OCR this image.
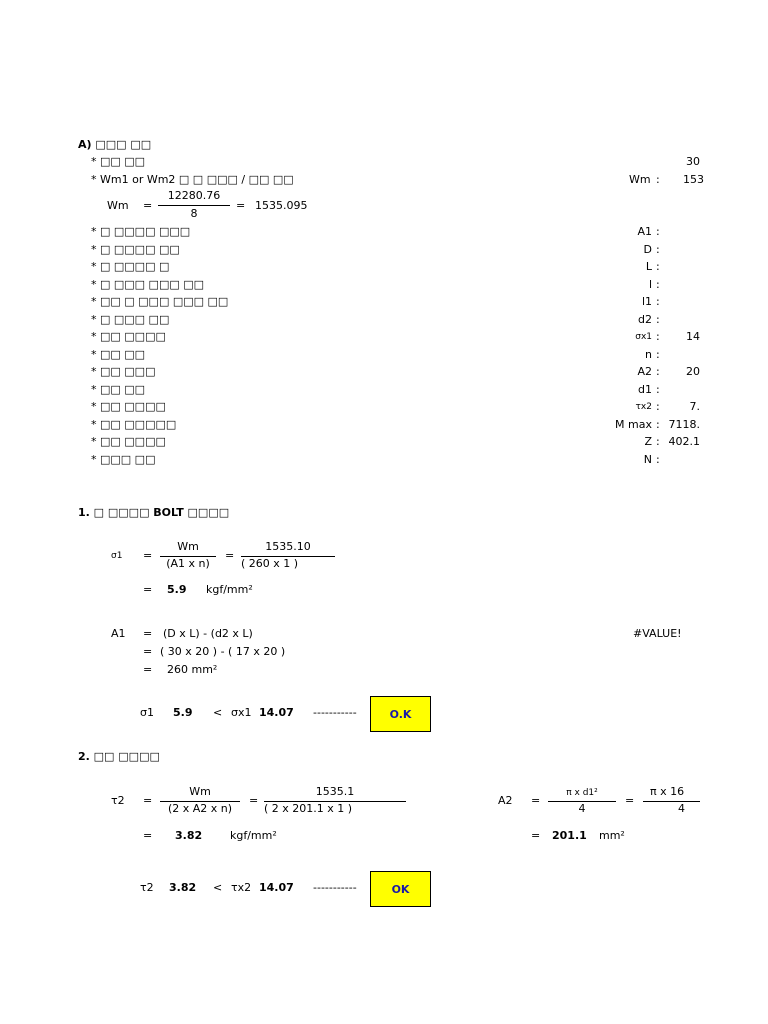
A) □□□ □□
* □□ □□	30
* Wm1 or Wm2 □ □ □□□ / □□ □□	Wm : 153
Wm =
12280.76
8
= 1535.095
* □ □□□□ □□□	A1 :
* □ □□□□ □□	D :
* □ □□□□ □	L :
* □ □□□ □□□ □□	l :
* □□ □ □□□ □□□ □□	l1 :
* □ □□□ □□	d2 :
* □□ □□□□	σx1 :	14
* □□ □□	n :
* □□ □□□	A2 :	20
* □□ □□	d1 :
* □□ □□□□	τx2 :	7.
* □□ □□□□□	M max : 7118.
* □□ □□□□	Z : 402.1
* □□□ □□	N :
1. □ □□□□ BOLT □□□□
σ1 =
Wm
(A1 x n)
=
1535.10
( 260 x 1 )
= 5.9 kgf/mm²
A1 = (D x L) - (d2 x L)	#VALUE!
= ( 30 x 20 ) - ( 17 x 20 )
= 260 mm²
σ1 5.9 < σx1 14.07 -----------	O.K
2. □□ □□□□
τ2 =
Wm
(2 x A2 x n)
=
1535.1
( 2 x 201.1 x 1 )
A2 =
π x d1²
4
=
π x 16
4
= 3.82	kgf/mm²	= 201.1 mm²
τ2 3.82 < τx2 14.07 -----------	OK
